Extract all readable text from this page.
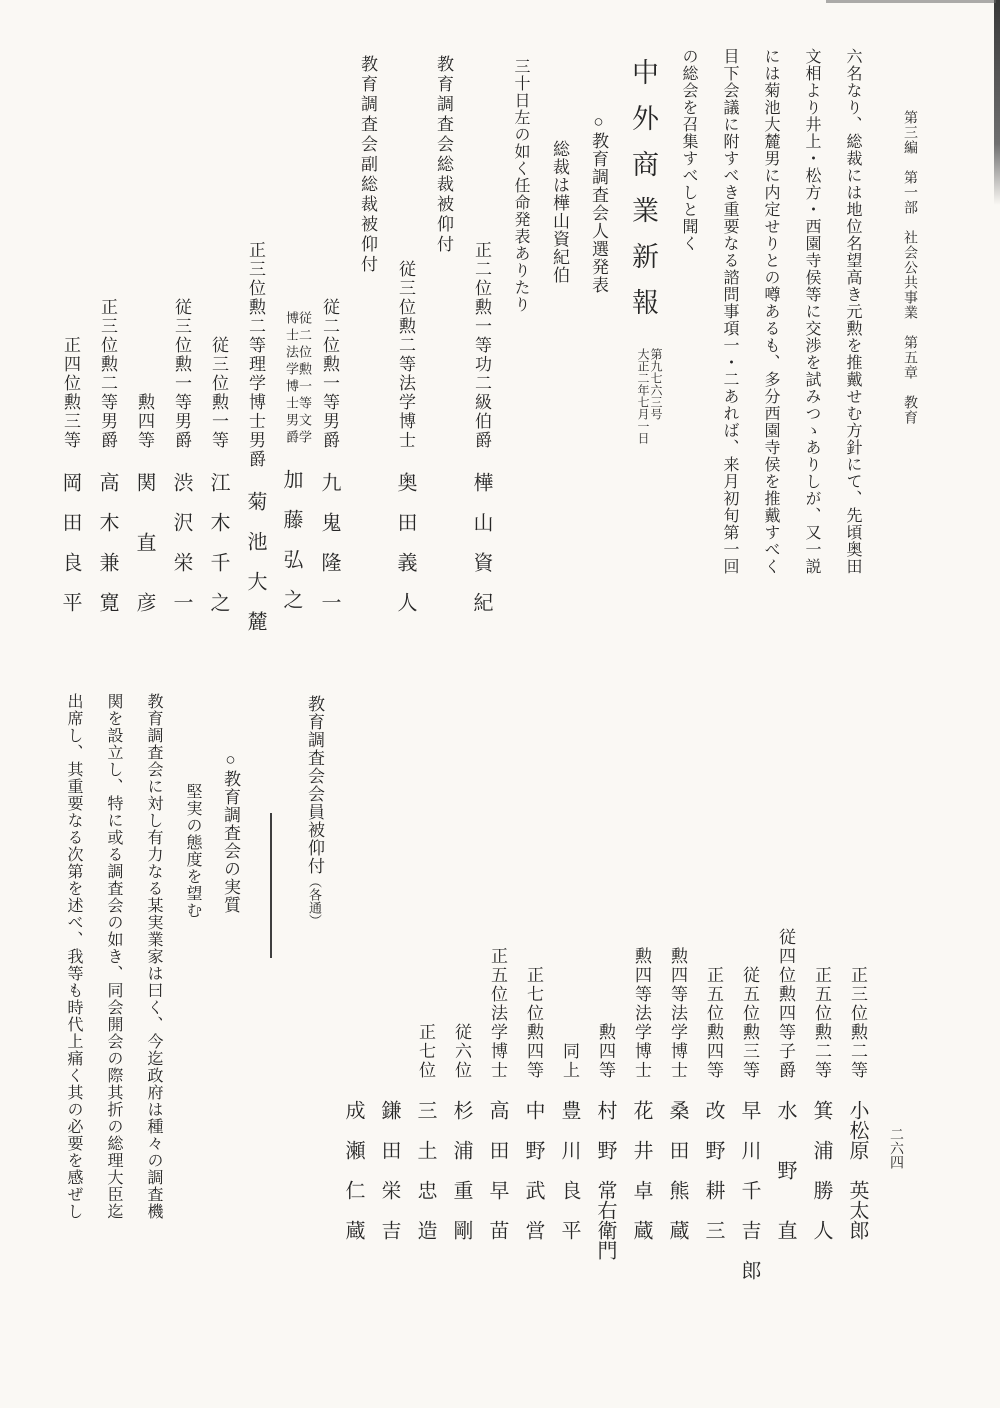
第三編　第一部　社会公共事業　第五章　教育
二六四
六名なり、総裁には地位名望高き元勲を推戴せむ方針にて、先頃奥田
文相より井上・松方・西園寺侯等に交渉を試みつゝありしが、又一説
には菊池大麓男に内定せりとの噂あるも、多分西園寺侯を推戴すべく
目下会議に附すべき重要なる諮問事項一・二あれば、来月初旬第一回
の総会を召集すべしと聞く
中外商業新報
第九七六三号
大正二年七月一日
○教育調査会人選発表
総裁は樺山資紀伯
三十日左の如く任命発表ありたり
正二位勲一等功二級伯爵樺　山　資　紀
教育調査会総裁被仰付
従三位勲二等法学博士奥　田　義　人
教育調査会副総裁被仰付
従二位勲一等男爵九　鬼　隆　一
従二位勲一等文学
博士法学博士男爵
加　藤　弘　之
正三位勲二等理学博士男爵菊　池　大　麓
従三位勲一等江　木　千　之
従三位勲一等男爵渋　沢　栄　一
勲四等関　　直　　彦
正三位勲二等男爵高　木　兼　寛
正四位勲三等岡　田　良　平
正三位勲二等小松原　英太郎
正五位勲二等箕　浦　勝　人
従四位勲四等子爵水　　野　　直
従五位勲三等早　川　千　吉　郎
正五位勲四等改　野　耕　三
勲四等法学博士桑　田　熊　蔵
勲四等法学博士花　井　卓　蔵
勲四等村　野　常右衛門
同上豊　川　良　平
正七位勲四等中　野　武　営
正五位法学博士高　田　早　苗
従六位杉　浦　重　剛
正七位三　土　忠　造
鎌　田　栄　吉
成　瀬　仁　蔵
教育調査会会員被仰付（各通）
○教育調査会の実質
堅実の態度を望む
教育調査会に対し有力なる某実業家は曰く、今迄政府は種々の調査機
関を設立し、特に或る調査会の如き、同会開会の際其折の総理大臣迄
出席し、其重要なる次第を述べ、我等も時代上痛く其の必要を感ぜし
